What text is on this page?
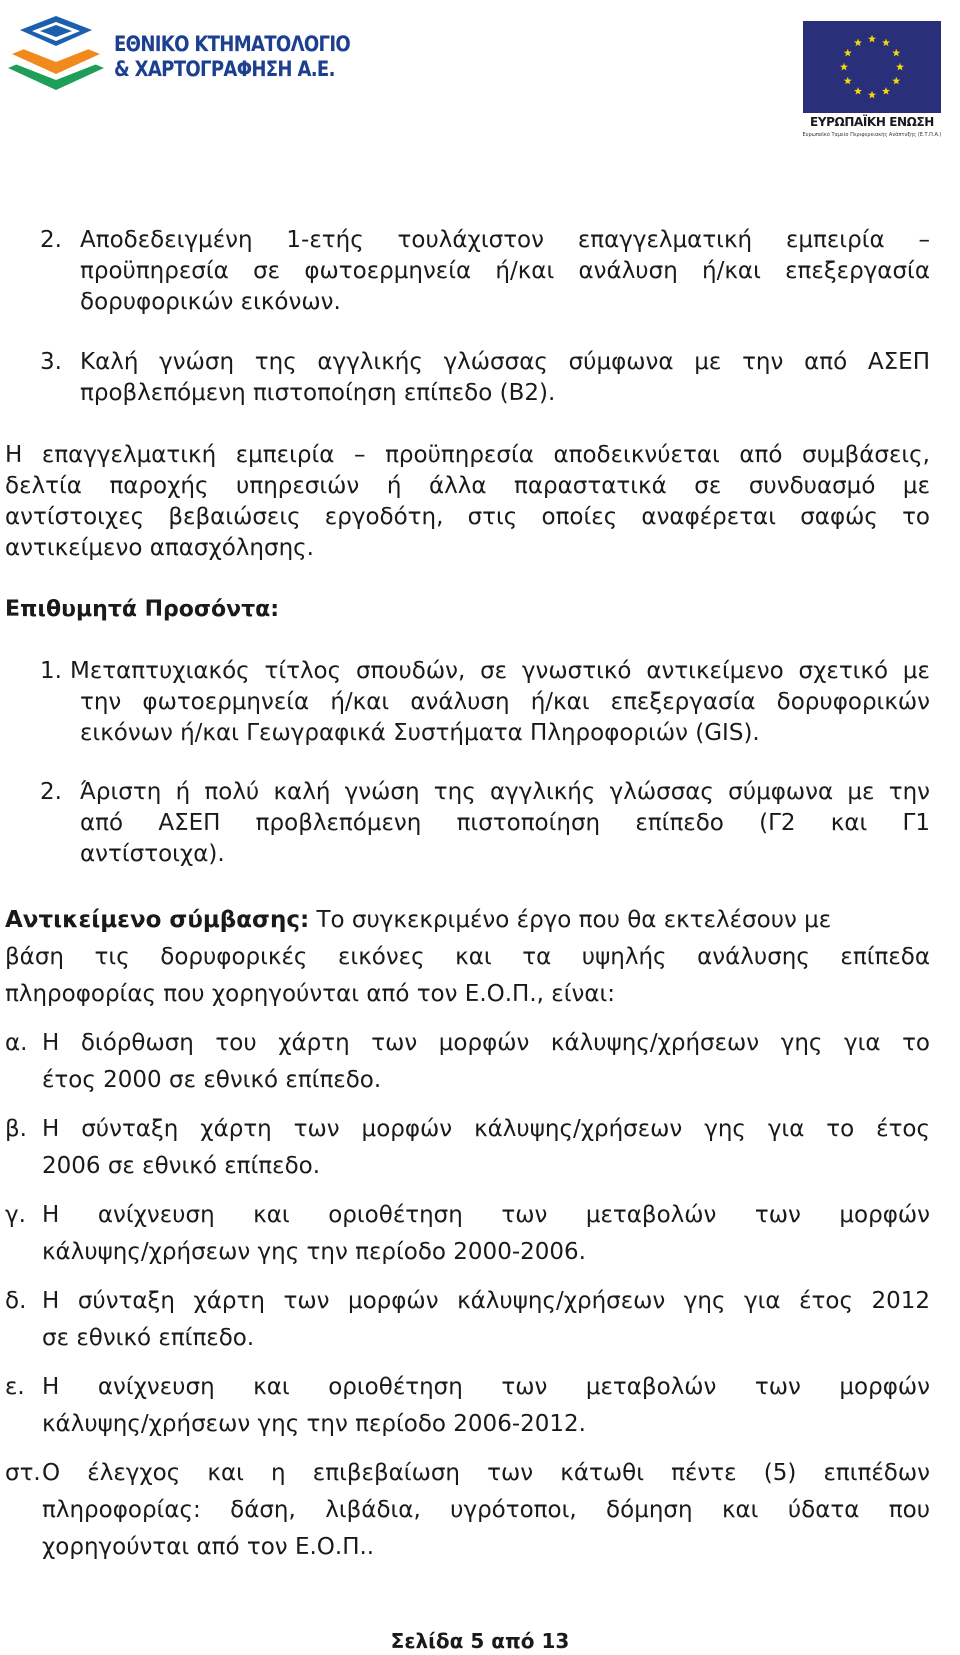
ΕΘΝΙΚΟ ΚΤΗΜΑΤΟΛΟΓΙΟ
& ΧΑΡΤΟΓΡΑΦΗΣΗ Α.Ε.
ΕΥΡΩΠΑΪΚΗ ΕΝΩΣΗ
Ευρωπαϊκό Ταμείο Περιφερειακής Ανάπτυξης (Ε.Τ.Π.Α.)
2. Αποδεδειγμένη 1-ετής τουλάχιστον επαγγελματική εμπειρία –
προϋπηρεσία σε φωτοερμηνεία ή/και ανάλυση ή/και επεξεργασία
δορυφορικών εικόνων.
3. Καλή γνώση της αγγλικής γλώσσας σύμφωνα με την από ΑΣΕΠ
προβλεπόμενη πιστοποίηση επίπεδο (Β2).
Η επαγγελματική εμπειρία – προϋπηρεσία αποδεικνύεται από συμβάσεις,
δελτία παροχής υπηρεσιών ή άλλα παραστατικά σε συνδυασμό με
αντίστοιχες βεβαιώσεις εργοδότη, στις οποίες αναφέρεται σαφώς το
αντικείμενο απασχόλησης.
Επιθυμητά Προσόντα:
1. Μεταπτυχιακός τίτλος σπουδών, σε γνωστικό αντικείμενο σχετικό με
την φωτοερμηνεία ή/και ανάλυση ή/και επεξεργασία δορυφορικών
εικόνων ή/και Γεωγραφικά Συστήματα Πληροφοριών (GIS).
2. Άριστη ή πολύ καλή γνώση της αγγλικής γλώσσας σύμφωνα με την
από ΑΣΕΠ προβλεπόμενη πιστοποίηση επίπεδο (Γ2 και Γ1
αντίστοιχα).
Αντικείμενο σύμβασης: Το συγκεκριμένο έργο που θα εκτελέσουν με
βάση τις δορυφορικές εικόνες και τα υψηλής ανάλυσης επίπεδα
πληροφορίας που χορηγούνται από τον Ε.Ο.Π., είναι:
α. Η διόρθωση του χάρτη των μορφών κάλυψης/χρήσεων γης για το
έτος 2000 σε εθνικό επίπεδο.
β. Η σύνταξη χάρτη των μορφών κάλυψης/χρήσεων γης για το έτος
2006 σε εθνικό επίπεδο.
γ. Η ανίχνευση και οριοθέτηση των μεταβολών των μορφών
κάλυψης/χρήσεων γης την περίοδο 2000-2006.
δ. Η σύνταξη χάρτη των μορφών κάλυψης/χρήσεων γης για έτος 2012
σε εθνικό επίπεδο.
ε. Η ανίχνευση και οριοθέτηση των μεταβολών των μορφών
κάλυψης/χρήσεων γης την περίοδο 2006-2012.
στ. Ο έλεγχος και η επιβεβαίωση των κάτωθι πέντε (5) επιπέδων
πληροφορίας: δάση, λιβάδια, υγρότοποι, δόμηση και ύδατα που
χορηγούνται από τον Ε.Ο.Π..
Σελίδα 5 από 13
